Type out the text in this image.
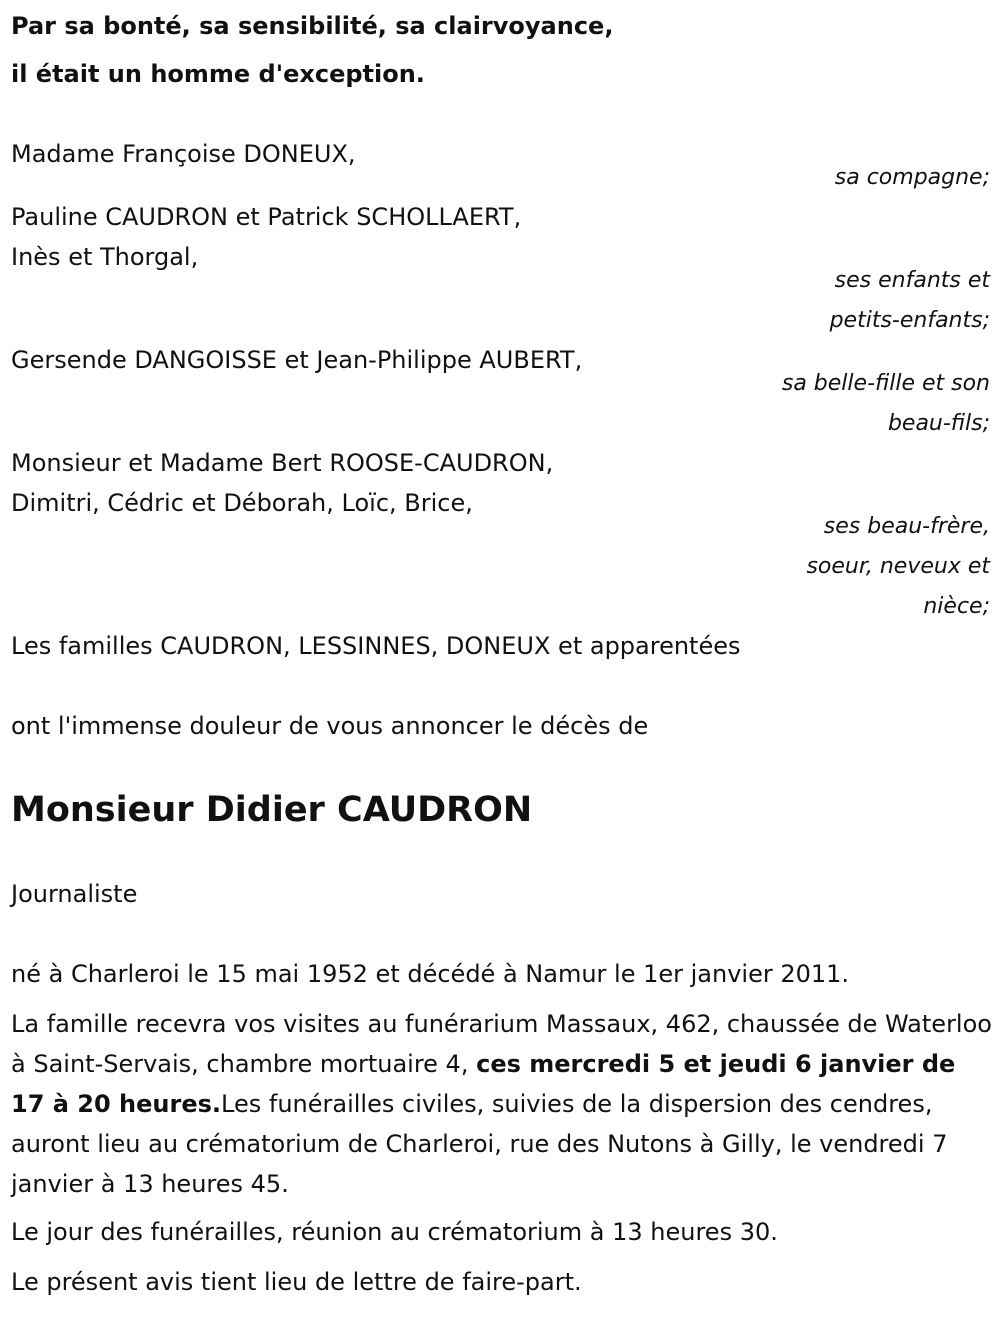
Par sa bonté, sa sensibilité, sa clairvoyance,

il était un homme d'exception.

Madame Françoise DONEUX,

sa compagne;

Pauline CAUDRON et Patrick SCHOLLAERT,

Inès et Thorgal,

ses enfants et

petits-enfants;

Gersende DANGOISSE et Jean-Philippe AUBERT,

sa belle-fille et son

beau-fils;

Monsieur et Madame Bert ROOSE-CAUDRON,

Dimitri, Cédric et Déborah, Loïc, Brice,

ses beau-frère,

soeur, neveux et

nièce;

Les familles CAUDRON, LESSINNES, DONEUX et apparentées

ont l'immense douleur de vous annoncer le décès de

Monsieur Didier CAUDRON

Journaliste

né à Charleroi le 15 mai 1952 et décédé à Namur le 1er janvier 2011.

La famille recevra vos visites au funérarium Massaux, 462, chaussée de Waterloo à Saint-Servais, chambre mortuaire 4, ces mercredi 5 et jeudi 6 janvier de 17 à 20 heures.Les funérailles civiles, suivies de la dispersion des cendres, auront lieu au crématorium de Charleroi, rue des Nutons à Gilly, le vendredi 7 janvier à 13 heures 45.

Le jour des funérailles, réunion au crématorium à 13 heures 30.

Le présent avis tient lieu de lettre de faire-part.
